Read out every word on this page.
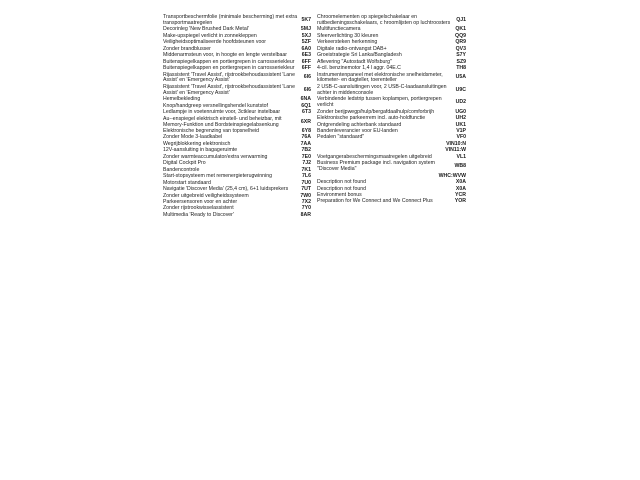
Transportbeschermfolie (minimale bescherming) met extra transportmaatregelen	5K7
Decorinleg 'New Brushed Dark Metal'	5MJ
Make-upspiegel verlicht in zonnekleppen	5XJ
Veiligheidsoptimaliseerde hoofdsteunen voor	5ZF
Zonder brandblusser	6A0
Middenarmsteun voor, in hoogte en lengte verstelbaar	6E3
Buitenspiegelkappen en portiergrepen in carrosseriekleur	6FF
Buitenspiegelkappen en portiergrepen in carrosseriekleur	6FF
Rijassistent 'Travel Assist', rijstrookbehoudassistent 'Lane Assist' en 'Emergency Assist'	6I6
Rijassistent 'Travel Assist', rijstrookbehoudassistent 'Lane Assist' en 'Emergency Assist'	6I6
Hemelbekleding	6NA
Knop/handgreep versnellingshendel kunststof	6Q1
Ledlampje in voetenruimte voor, 3ctkleur instelbaar	6T3
Au--enspiegel elektrisch einstell- und beheizbar, mit Memory-Funktion und Bordsteinspiegelabsenkung	6XR
Elektronische begrenzing van topsnelheid	6Y8
Zonder Mode 3-laadkabel	76A
Wegrijblokkering elektronisch	7AA
12V-aansluiting in bagageruimte	7B2
Zonder warmteaccumulator/extra verwarming	7E0
Digital Cockpit Pro	7J2
Bandencontrole	7K1
Start-stopsysteem met remenergieterugwinning	7L6
Motorstart standaard	7U0
Navigatie 'Discover Media' (25,4 cm), 6+1 luidsprekers	7UT
Zonder uitgebreid veiligheidssysteem	7W0
Parkeersensoren voor en achter	7X2
Zonder rijstrookwisselassistent	7Y0
Multimedia 'Ready to Discover'	8AR
Chroomelementen op spiegelschakelaar en ruitbedieningsschakelaars, c hroomlijsten op luchtroosters	QJ1
Multifunctiecamera	QK1
Sfeerverlichting 30 kleuren	QQ9
Verkeersteken herkenning	QR9
Digitale radio-ontvangst DAB+	QV3
Groeistrategie Sri Lanka/Bangladesh	S7Y
Aflevering "Autostadt Wolfsburg"	SZ9
4-cil. benzinemotor 1,4 l aggr. 04E.C	TH8
Instrumentenpaneel met elektronische snelheidsmeter, kilometer- en dagteller, toerenteller	U5A
2 USB-C-aansluitingen voor, 2 USB-C-laadaansluitingen achter in middenconsole	U9C
Verbindende ledstrip tussen koplampen, portiergrepen verlicht	UD2
Zonder berijpwegp/hulp/bergafdaalhulp/comforbrijh	UG0
Elektronische parkeerrem incl. auto-holdfunctie	UH2
Ontgrendeling achterbank standaard	UK1
Bandenleverancier voor EU-landen	V1P
Pedalen "standaard"	VF0
VIN10:N
VIN11:W
Voetgangerabeschermingsmaatregelen uitgebreid	VL1
Business Premium package incl. navigation system "Discover Media"	WB8
WHC:WVW
Description not found	X0A
Description not found	X0A
Environment bonus	YCR
Preparation for We Connect and We Connect Plus	YOR
